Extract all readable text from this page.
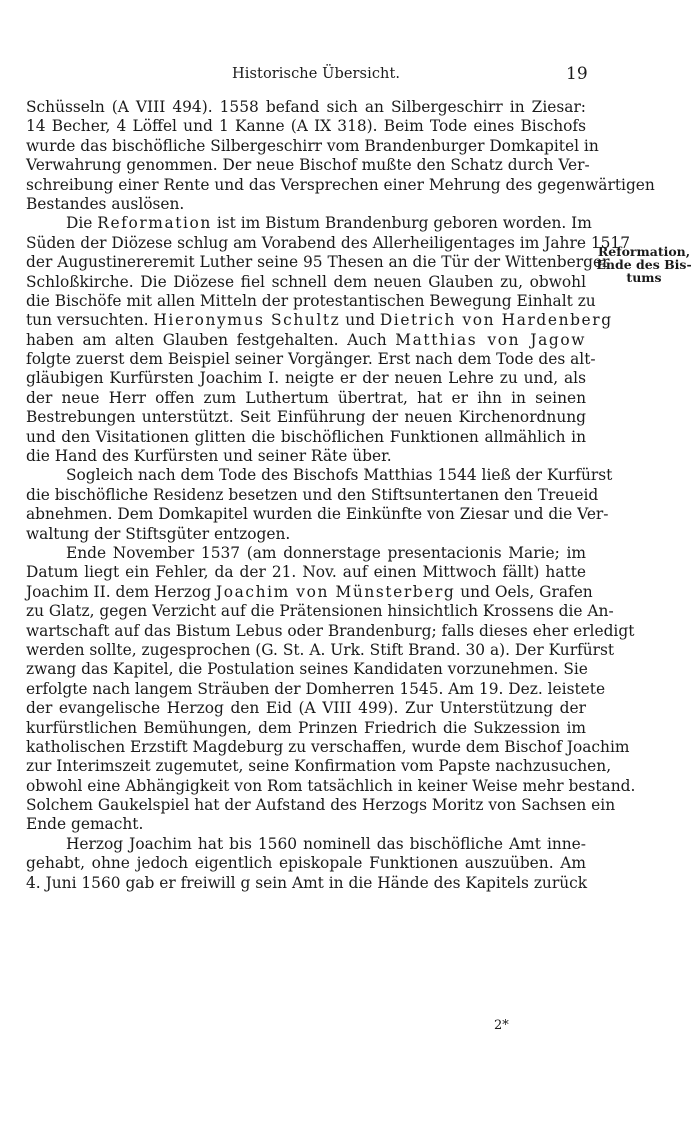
Historische Übersicht.	19
Reformation,
Ende des Bis-
tums
Schüsseln (A VIII 494). 1558 befand sich an Silbergeschirr in Ziesar:
14 Becher, 4 Löffel und 1 Kanne (A IX 318). Beim Tode eines Bischofs
wurde das bischöfliche Silbergeschirr vom Brandenburger Domkapitel in
Verwahrung genommen. Der neue Bischof mußte den Schatz durch Ver-
schreibung einer Rente und das Versprechen einer Mehrung des gegenwärtigen
Bestandes auslösen.
Die Reformation ist im Bistum Brandenburg geboren worden. Im
Süden der Diözese schlug am Vorabend des Allerheiligentages im Jahre 1517
der Augustinereremit Luther seine 95 Thesen an die Tür der Wittenberger
Schloßkirche. Die Diözese fiel schnell dem neuen Glauben zu, obwohl
die Bischöfe mit allen Mitteln der protestantischen Bewegung Einhalt zu
tun versuchten. Hieronymus Schultz und Dietrich von Hardenberg
haben am alten Glauben festgehalten. Auch Matthias von Jagow
folgte zuerst dem Beispiel seiner Vorgänger. Erst nach dem Tode des alt-
gläubigen Kurfürsten Joachim I. neigte er der neuen Lehre zu und, als
der neue Herr offen zum Luthertum übertrat, hat er ihn in seinen
Bestrebungen unterstützt. Seit Einführung der neuen Kirchenordnung
und den Visitationen glitten die bischöflichen Funktionen allmählich in
die Hand des Kurfürsten und seiner Räte über.
Sogleich nach dem Tode des Bischofs Matthias 1544 ließ der Kurfürst
die bischöfliche Residenz besetzen und den Stiftsuntertanen den Treueid
abnehmen. Dem Domkapitel wurden die Einkünfte von Ziesar und die Ver-
waltung der Stiftsgüter entzogen.
Ende November 1537 (am donnerstage presentacionis Marie; im
Datum liegt ein Fehler, da der 21. Nov. auf einen Mittwoch fällt) hatte
Joachim II. dem Herzog Joachim von Münsterberg und Oels, Grafen
zu Glatz, gegen Verzicht auf die Prätensionen hinsichtlich Krossens die An-
wartschaft auf das Bistum Lebus oder Brandenburg; falls dieses eher erledigt
werden sollte, zugesprochen (G. St. A. Urk. Stift Brand. 30 a). Der Kurfürst
zwang das Kapitel, die Postulation seines Kandidaten vorzunehmen. Sie
erfolgte nach langem Sträuben der Domherren 1545. Am 19. Dez. leistete
der evangelische Herzog den Eid (A VIII 499). Zur Unterstützung der
kurfürstlichen Bemühungen, dem Prinzen Friedrich die Sukzession im
katholischen Erzstift Magdeburg zu verschaffen, wurde dem Bischof Joachim
zur Interimszeit zugemutet, seine Konfirmation vom Papste nachzusuchen,
obwohl eine Abhängigkeit von Rom tatsächlich in keiner Weise mehr bestand.
Solchem Gaukelspiel hat der Aufstand des Herzogs Moritz von Sachsen ein
Ende gemacht.
Herzog Joachim hat bis 1560 nominell das bischöfliche Amt inne-
gehabt, ohne jedoch eigentlich episkopale Funktionen auszuüben. Am
4. Juni 1560 gab er freiwill g sein Amt in die Hände des Kapitels zurück
2*
